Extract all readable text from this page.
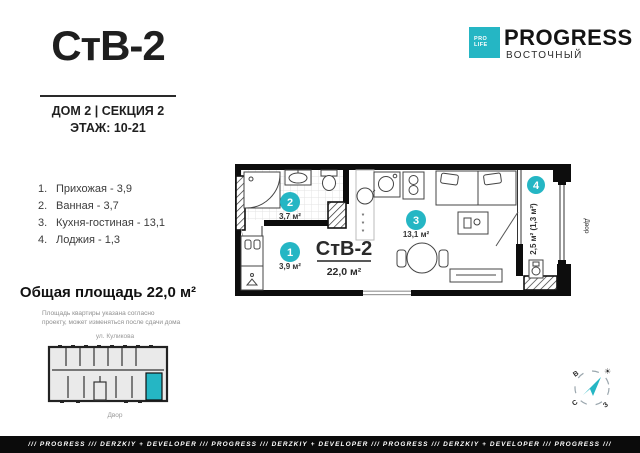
СтВ-2
ДОМ 2 | СЕКЦИЯ 2
ЭТАЖ: 10-21
PRO
LIFE PROGRESS
ВОСТОЧНЫЙ
1. Прихожая - 3,9
2. Ванная - 3,7
3. Кухня-гостиная - 13,1
4. Лоджия - 1,3
Общая площадь 22,0 м²
Площадь квартиры указана согласно
проекту, может изменяться после сдачи дома
ул. Куликова
Двор
*
*
*
1
3,9 м²
2
3,7 м²	3
13,1 м²
4
2,5 м² (1,3 м²)
СтВ-2
22,0 м²
Двор
В
С	З
☀
/// PROGRESS /// DERZKIY + DEVELOPER /// PROGRESS /// DERZKIY + DEVELOPER /// PROGRESS /// DERZKIY + DEVELOPER /// PROGRESS ///
